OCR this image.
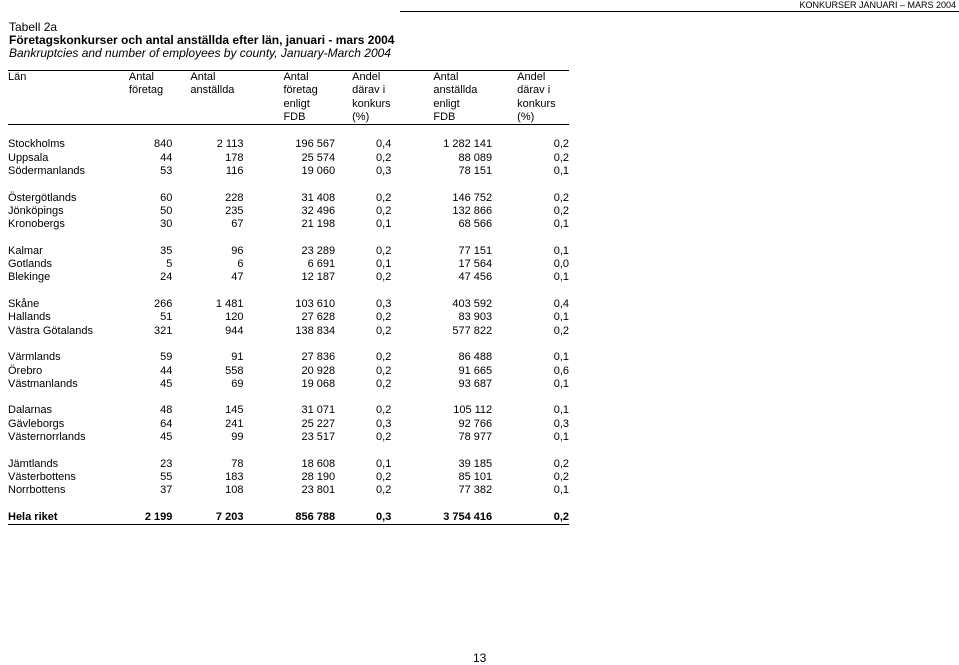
KONKURSER JANUARI – MARS 2004
Tabell 2a
Företagskonkurser och antal anställda efter län, januari - mars 2004
Bankruptcies and number of employees by county, January-March 2004
Län	Antal	Antal	Antal	Andel	Antal	Andel
	företag	anställda	företag	därav i	anställda	därav i
			enligt	konkurs	enligt	konkurs
			FDB	(%)	FDB	(%)

Stockholms	840	2 113	196 567	0,4	1 282 141	0,2
Uppsala	44	178	25 574	0,2	88 089	0,2
Södermanlands	53	116	19 060	0,3	78 151	0,1

Östergötlands	60	228	31 408	0,2	146 752	0,2
Jönköpings	50	235	32 496	0,2	132 866	0,2
Kronobergs	30	67	21 198	0,1	68 566	0,1

Kalmar	35	96	23 289	0,2	77 151	0,1
Gotlands	5	6	6 691	0,1	17 564	0,0
Blekinge	24	47	12 187	0,2	47 456	0,1

Skåne	266	1 481	103 610	0,3	403 592	0,4
Hallands	51	120	27 628	0,2	83 903	0,1
Västra Götalands	321	944	138 834	0,2	577 822	0,2

Värmlands	59	91	27 836	0,2	86 488	0,1
Örebro	44	558	20 928	0,2	91 665	0,6
Västmanlands	45	69	19 068	0,2	93 687	0,1

Dalarnas	48	145	31 071	0,2	105 112	0,1
Gävleborgs	64	241	25 227	0,3	92 766	0,3
Västernorrlands	45	99	23 517	0,2	78 977	0,1

Jämtlands	23	78	18 608	0,1	39 185	0,2
Västerbottens	55	183	28 190	0,2	85 101	0,2
Norrbottens	37	108	23 801	0,2	77 382	0,1

Hela riket	2 199	7 203	856 788	0,3	3 754 416	0,2
13
